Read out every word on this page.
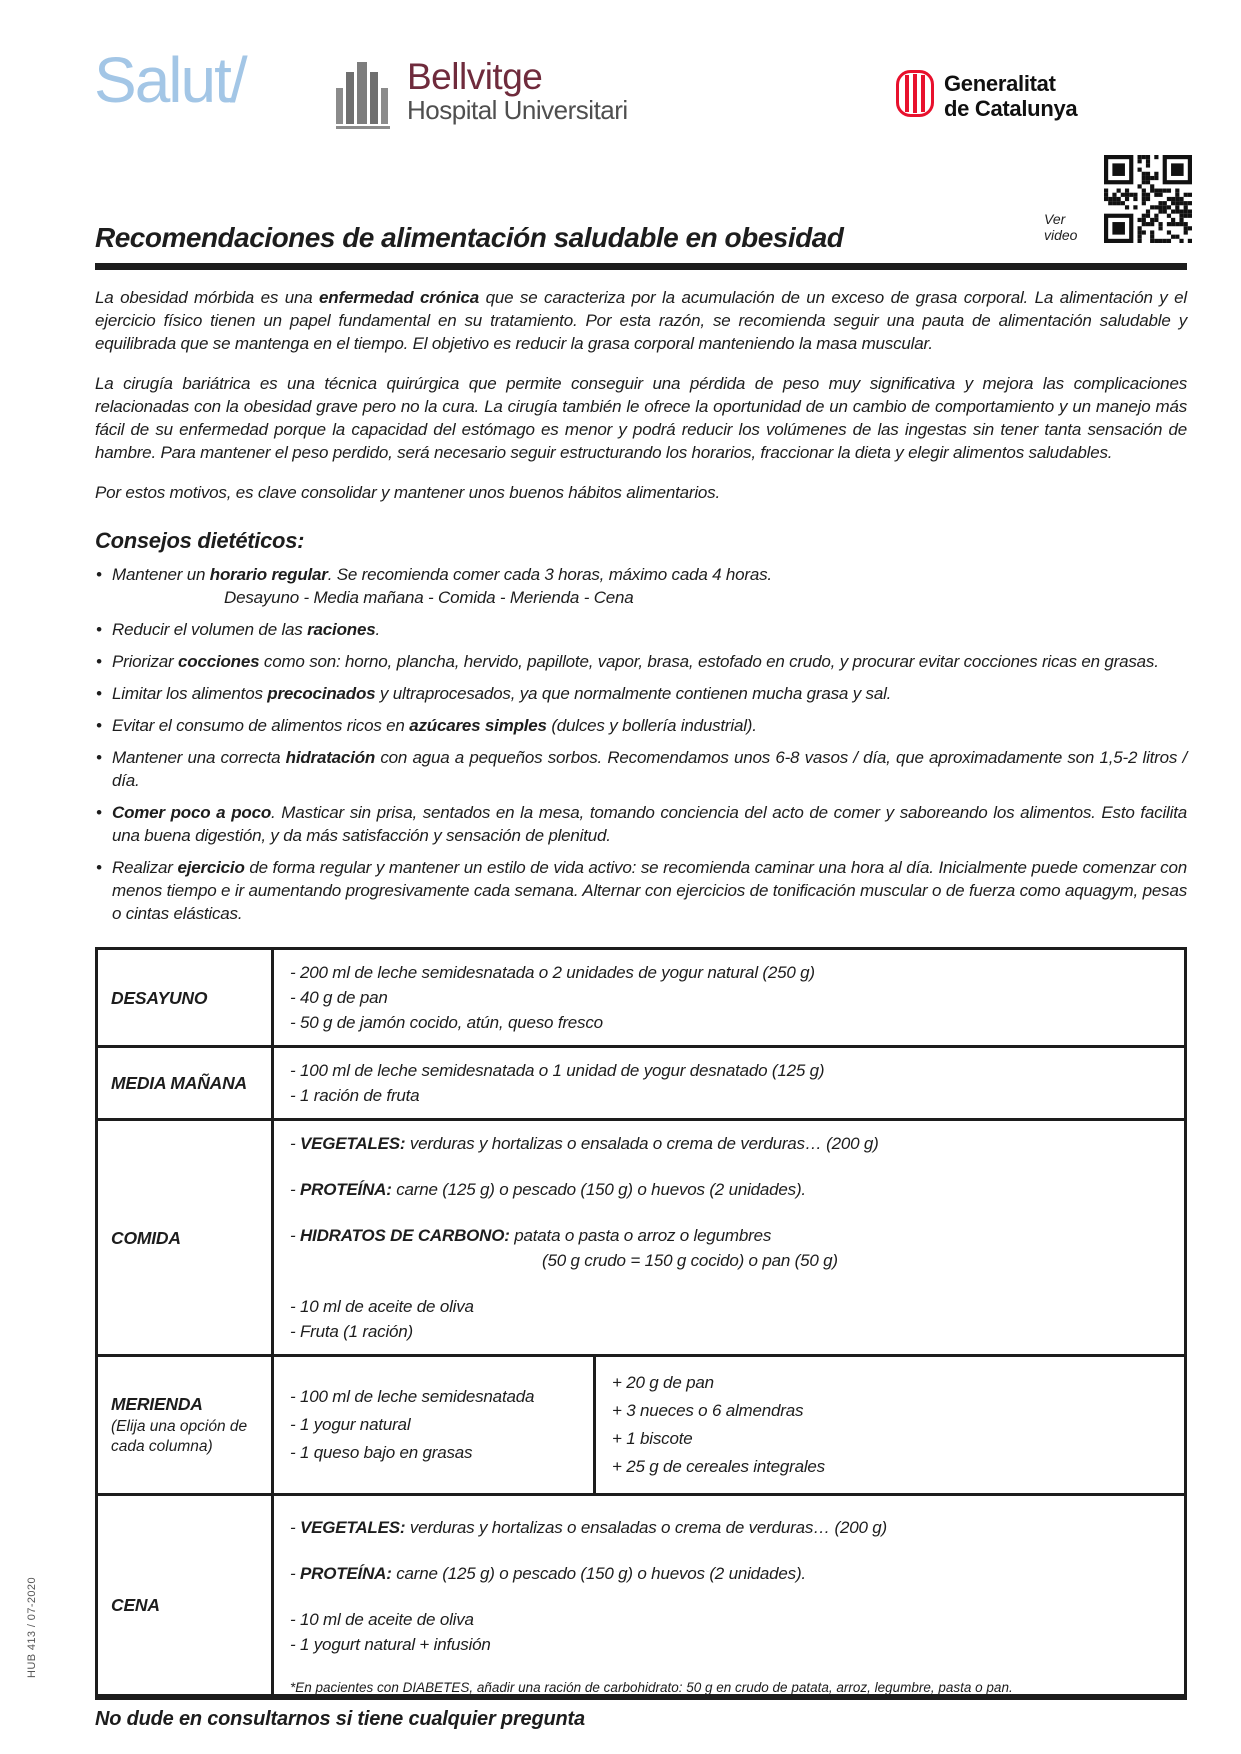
Salut/	Bellvitge
Hospital Universitari
Generalitat
de Catalunya
Ver
video
Recomendaciones de alimentación saludable en obesidad

La obesidad mórbida es una enfermedad crónica que se caracteriza por la acumulación de un exceso de grasa corporal. La alimentación y el ejercicio físico tienen un papel fundamental en su tratamiento. Por esta razón, se recomienda seguir una pauta de alimentación saludable y equilibrada que se mantenga en el tiempo. El objetivo es reducir la grasa corporal manteniendo la masa muscular.

La cirugía bariátrica es una técnica quirúrgica que permite conseguir una pérdida de peso muy significativa y mejora las complicaciones relacionadas con la obesidad grave pero no la cura. La cirugía también le ofrece la oportunidad de un cambio de comportamiento y un manejo más fácil de su enfermedad porque la capacidad del estómago es menor y podrá reducir los volúmenes de las ingestas sin tener tanta sensación de hambre. Para mantener el peso perdido, será necesario seguir estructurando los horarios, fraccionar la dieta y elegir alimentos saludables.

Por estos motivos, es clave consolidar y mantener unos buenos hábitos alimentarios.

Consejos dietéticos:
• Mantener un horario regular. Se recomienda comer cada 3 horas, máximo cada 4 horas.
Desayuno - Media mañana - Comida - Merienda - Cena
• Reducir el volumen de las raciones.
• Priorizar cocciones como son: horno, plancha, hervido, papillote, vapor, brasa, estofado en crudo, y procurar evitar cocciones ricas en grasas.
• Limitar los alimentos precocinados y ultraprocesados, ya que normalmente contienen mucha grasa y sal.
• Evitar el consumo de alimentos ricos en azúcares simples (dulces y bollería industrial).
• Mantener una correcta hidratación con agua a pequeños sorbos. Recomendamos unos 6-8 vasos / día, que aproximadamente son 1,5-2 litros / día.
• Comer poco a poco. Masticar sin prisa, sentados en la mesa, tomando conciencia del acto de comer y saboreando los alimentos. Esto facilita una buena digestión, y da más satisfacción y sensación de plenitud.
• Realizar ejercicio de forma regular y mantener un estilo de vida activo: se recomienda caminar una hora al día. Inicialmente puede comenzar con menos tiempo e ir aumentando progresivamente cada semana. Alternar con ejercicios de tonificación muscular o de fuerza como aquagym, pesas o cintas elásticas.
DESAYUNO
- 200 ml de leche semidesnatada o 2 unidades de yogur natural (250 g)
- 40 g de pan
- 50 g de jamón cocido, atún, queso fresco
MEDIA MAÑANA
- 100 ml de leche semidesnatada o 1 unidad de yogur desnatado (125 g)
- 1 ración de fruta
COMIDA
- VEGETALES: verduras y hortalizas o ensalada o crema de verduras… (200 g)
- PROTEÍNA: carne (125 g) o pescado (150 g) o huevos (2 unidades).
- HIDRATOS DE CARBONO: patata o pasta o arroz o legumbres
(50 g crudo = 150 g cocido) o pan (50 g)
- 10 ml de aceite de oliva
- Fruta (1 ración)
MERIENDA
(Elija una opción de cada columna)
- 100 ml de leche semidesnatada
- 1 yogur natural
- 1 queso bajo en grasas
+ 20 g de pan
+ 3 nueces o 6 almendras
+ 1 biscote
+ 25 g de cereales integrales
CENA
- VEGETALES: verduras y hortalizas o ensaladas o crema de verduras… (200 g)
- PROTEÍNA: carne (125 g) o pescado (150 g) o huevos (2 unidades).
- 10 ml de aceite de oliva
- 1 yogurt natural + infusión
*En pacientes con DIABETES, añadir una ración de carbohidrato: 50 g en crudo de patata, arroz, legumbre, pasta o pan.
No dude en consultarnos si tiene cualquier pregunta
HUB 413 / 07-2020
